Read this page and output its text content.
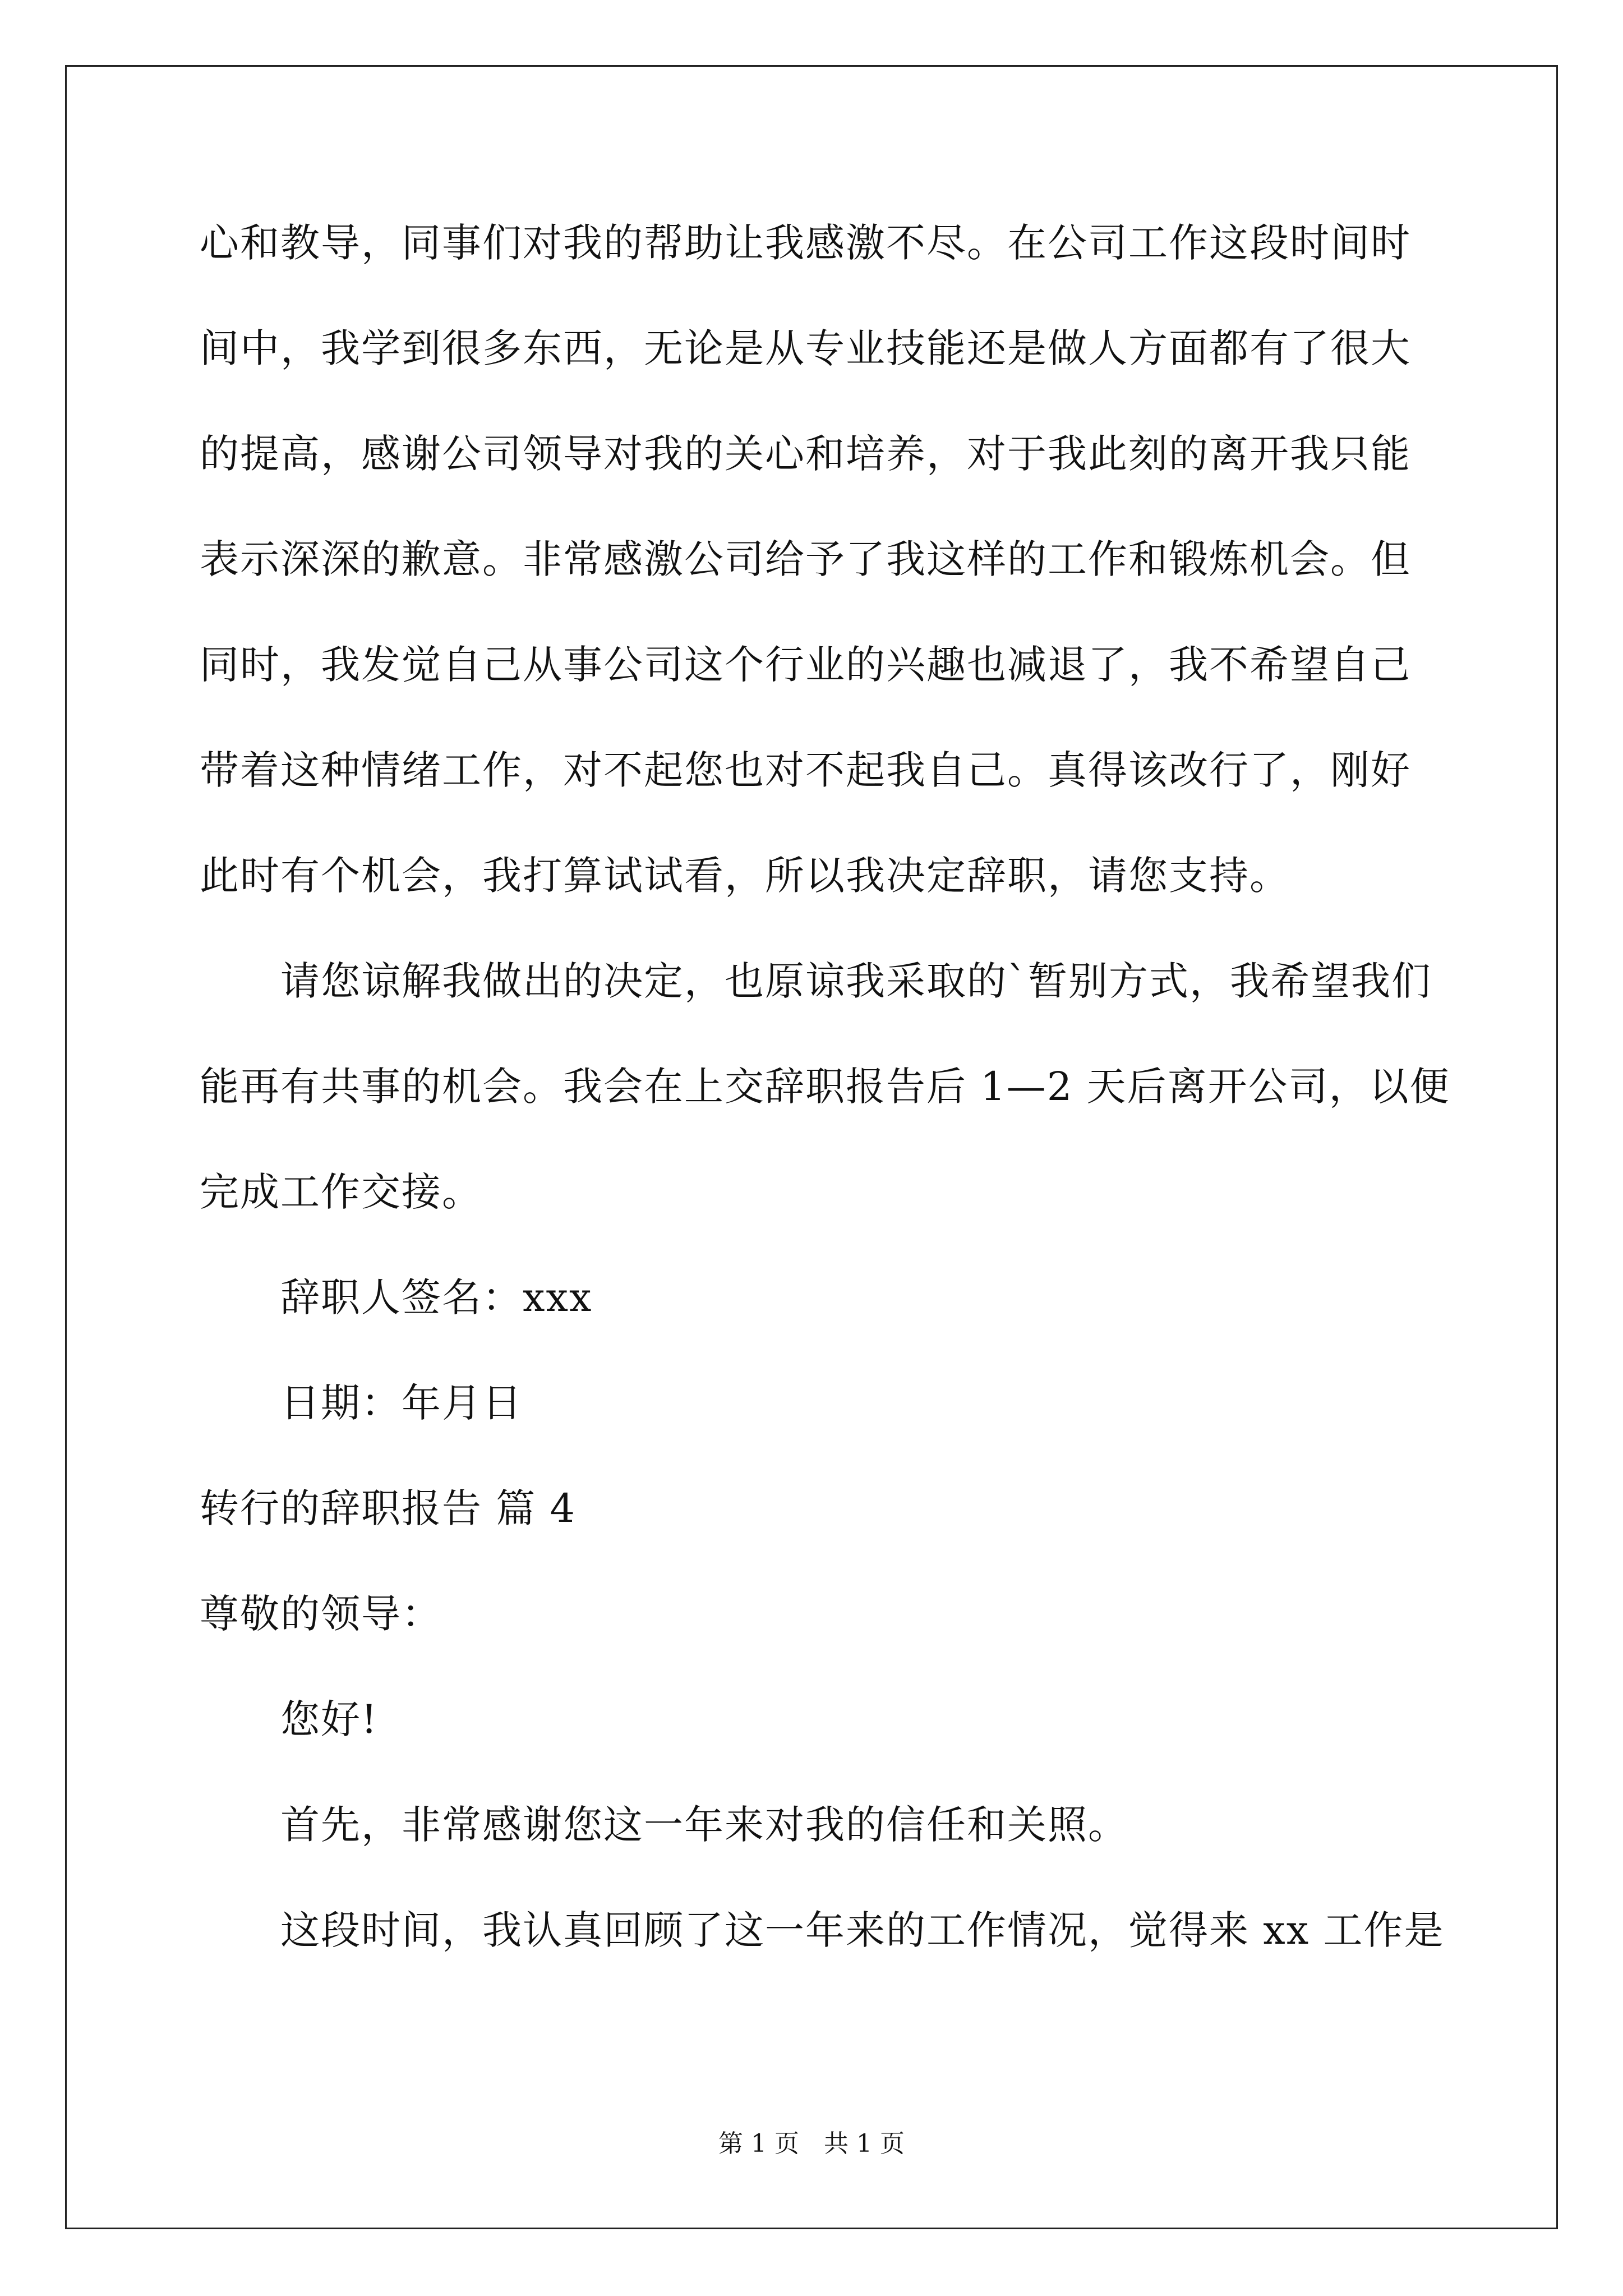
心和教导，同事们对我的帮助让我感激不尽。在公司工作这段时间时
间中，我学到很多东西，无论是从专业技能还是做人方面都有了很大
的提高，感谢公司领导对我的关心和培养，对于我此刻的离开我只能
表示深深的歉意。非常感激公司给予了我这样的工作和锻炼机会。但
同时，我发觉自己从事公司这个行业的兴趣也减退了，我不希望自己
带着这种情绪工作，对不起您也对不起我自己。真得该改行了，刚好
此时有个机会，我打算试试看，所以我决定辞职，请您支持。
请您谅解我做出的决定，也原谅我采取的`暂别方式，我希望我们
能再有共事的机会。我会在上交辞职报告后 1—2 天后离开公司，以便
完成工作交接。
辞职人签名：xxx
日期：年月日
转行的辞职报告 篇 4
尊敬的领导：
您好!
首先，非常感谢您这一年来对我的信任和关照。
这段时间，我认真回顾了这一年来的工作情况，觉得来 xx 工作是
第 1 页　共 1 页
